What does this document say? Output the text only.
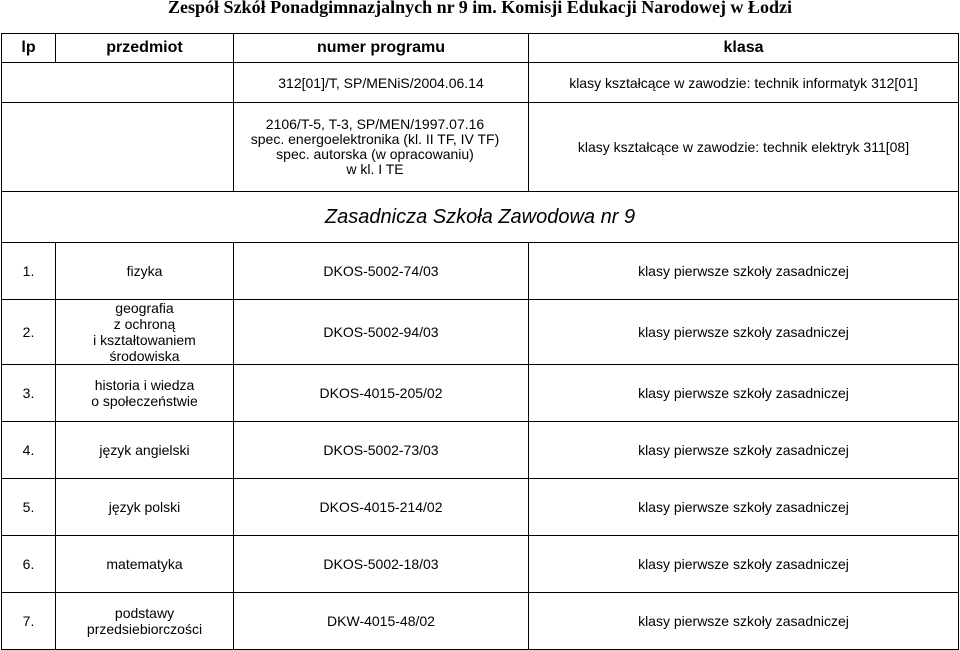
Zespół Szkół Ponadgimnazjalnych nr 9 im. Komisji Edukacji Narodowej w Łodzi
lp	przedmiot	numer programu	klasa
		312[01]/T, SP/MENiS/2004.06.14	klasy kształcące w zawodzie: technik informatyk 312[01]

		2106/T-5, T-3, SP/MEN/1997.07.16
spec. energoelektronika (kl. II TF, IV TF)
spec. autorska (w opracowaniu)
w kl. I TE	klasy kształcące w zawodzie: technik elektryk 311[08]
Zasadnicza Szkoła Zawodowa nr 9			
1.	fizyka	DKOS-5002-74/03	klasy pierwsze szkoły zasadniczej
2.	geografia
z ochroną
i kształtowaniem środowiska	DKOS-5002-94/03	klasy pierwsze szkoły zasadniczej
3.	historia i wiedza
o społeczeństwie	DKOS-4015-205/02	klasy pierwsze szkoły zasadniczej
4.	język angielski	DKOS-5002-73/03	klasy pierwsze szkoły zasadniczej
5.	język polski	DKOS-4015-214/02	klasy pierwsze szkoły zasadniczej
6.	matematyka	DKOS-5002-18/03	klasy pierwsze szkoły zasadniczej
7.	podstawy przedsiebiorczości	DKW-4015-48/02	klasy pierwsze szkoły zasadniczej
